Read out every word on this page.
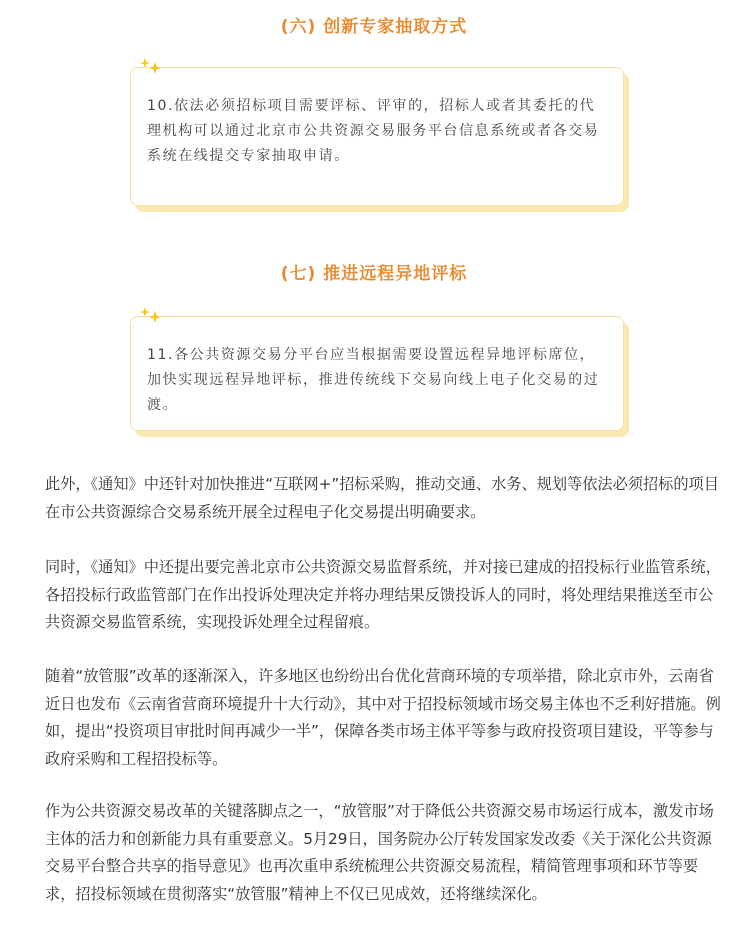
(六) 创新专家抽取方式
10.依法必须招标项目需要评标、评审的，招标人或者其委托的代理机构可以通过北京市公共资源交易服务平台信息系统或者各交易系统在线提交专家抽取申请。
(七) 推进远程异地评标
11.各公共资源交易分平台应当根据需要设置远程异地评标席位，加快实现远程异地评标，推进传统线下交易向线上电子化交易的过渡。

此外，《通知》中还针对加快推进“互联网+”招标采购，推动交通、水务、规划等依法必须招标的项目在市公共资源综合交易系统开展全过程电子化交易提出明确要求。

同时，《通知》中还提出要完善北京市公共资源交易监督系统，并对接已建成的招投标行业监管系统，各招投标行政监管部门在作出投诉处理决定并将办理结果反馈投诉人的同时，将处理结果推送至市公共资源交易监管系统，实现投诉处理全过程留痕。

随着“放管服”改革的逐渐深入，许多地区也纷纷出台优化营商环境的专项举措，除北京市外，云南省近日也发布《云南省营商环境提升十大行动》，其中对于招投标领域市场交易主体也不乏利好措施。例如，提出“投资项目审批时间再减少一半”，保障各类市场主体平等参与政府投资项目建设，平等参与政府采购和工程招投标等。

作为公共资源交易改革的关键落脚点之一，“放管服”对于降低公共资源交易市场运行成本，激发市场主体的活力和创新能力具有重要意义。5月29日，国务院办公厅转发国家发改委《关于深化公共资源交易平台整合共享的指导意见》也再次重申系统梳理公共资源交易流程，精简管理事项和环节等要求，招投标领域在贯彻落实“放管服”精神上不仅已见成效，还将继续深化。
